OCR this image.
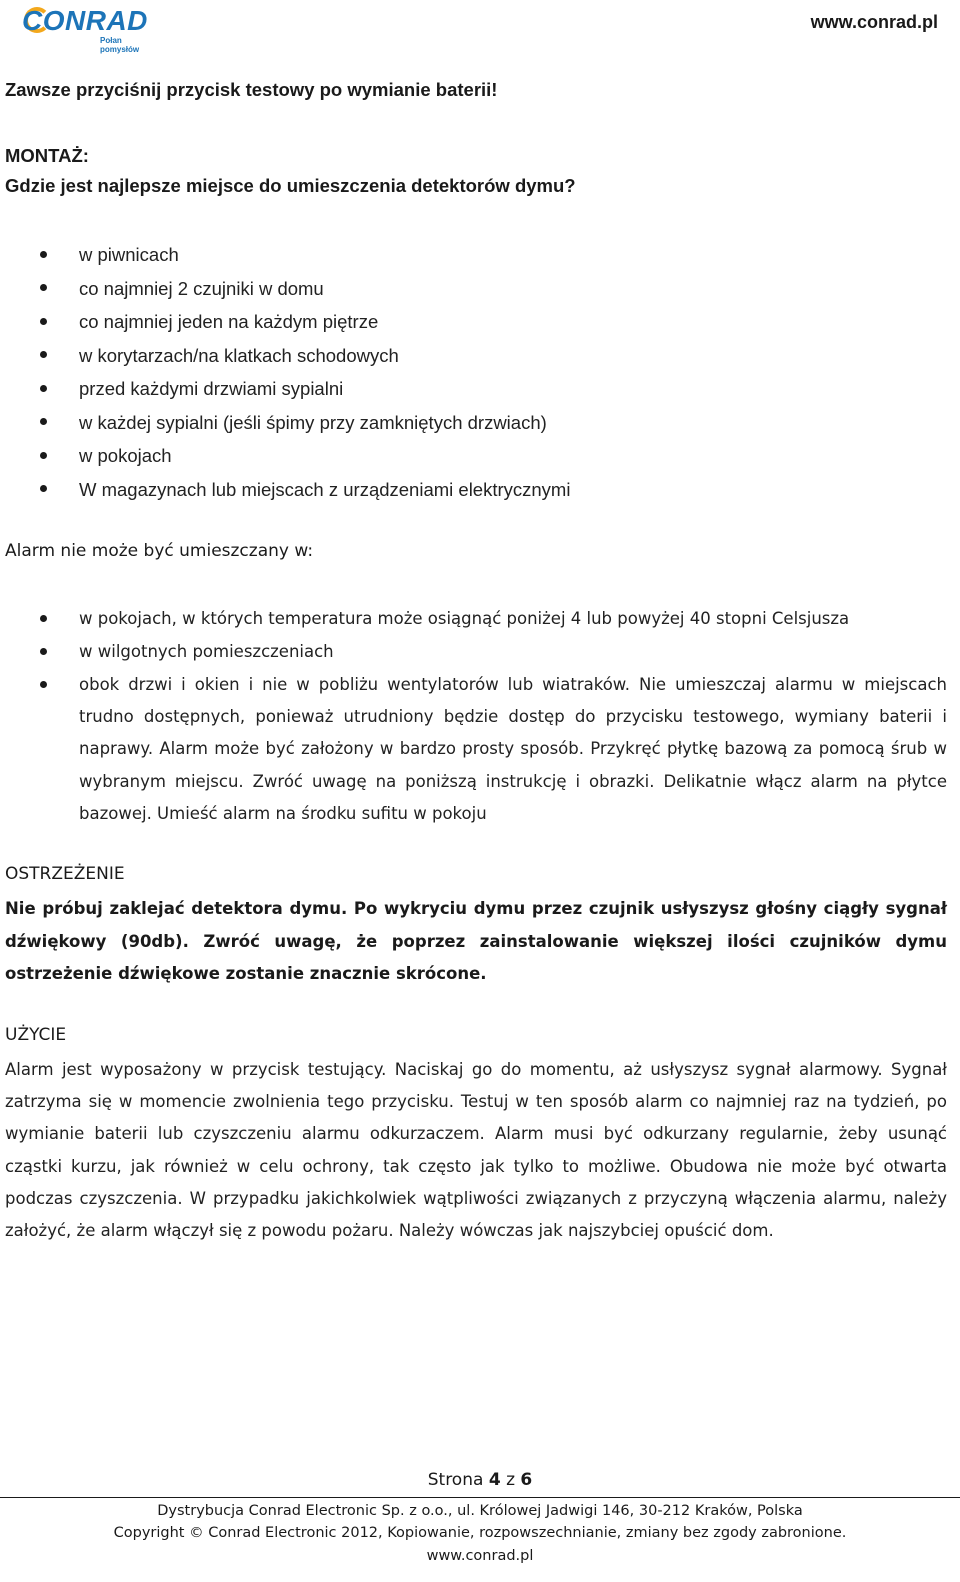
CONRAD
Połan pomysłów
www.conrad.pl
Zawsze przyciśnij przycisk testowy po wymianie baterii!
MONTAŻ:
Gdzie jest najlepsze miejsce do umieszczenia detektorów dymu?
w piwnicach
co najmniej 2 czujniki w domu
co najmniej jeden na każdym piętrze
w korytarzach/na klatkach schodowych
przed każdymi drzwiami sypialni
w każdej sypialni (jeśli śpimy przy zamkniętych drzwiach)
w pokojach
W magazynach lub miejscach z urządzeniami elektrycznymi
Alarm nie może być umieszczany w:
w pokojach, w których temperatura może osiągnąć poniżej 4 lub powyżej 40 stopni Celsjusza
w wilgotnych pomieszczeniach
obok drzwi i okien i nie w pobliżu wentylatorów lub wiatraków. Nie umieszczaj alarmu w miejscach trudno dostępnych, ponieważ utrudniony będzie dostęp do przycisku testowego, wymiany baterii i naprawy. Alarm może być założony w bardzo prosty sposób. Przykręć płytkę bazową za pomocą śrub w wybranym miejscu. Zwróć uwagę na poniższą instrukcję i obrazki. Delikatnie włącz alarm na płytce bazowej. Umieść alarm na środku sufitu w pokoju
OSTRZEŻENIE
Nie próbuj zaklejać detektora dymu. Po wykryciu dymu przez czujnik usłyszysz głośny ciągły sygnał dźwiękowy (90db). Zwróć uwagę, że poprzez zainstalowanie większej ilości czujników dymu ostrzeżenie dźwiękowe zostanie znacznie skrócone.
UŻYCIE
Alarm jest wyposażony w przycisk testujący. Naciskaj go do momentu, aż usłyszysz sygnał alarmowy. Sygnał zatrzyma się w momencie zwolnienia tego przycisku. Testuj w ten sposób alarm co najmniej raz na tydzień, po wymianie baterii lub czyszczeniu alarmu odkurzaczem. Alarm musi być odkurzany regularnie, żeby usunąć cząstki kurzu, jak również w celu ochrony, tak często jak tylko to możliwe. Obudowa nie może być otwarta podczas czyszczenia. W przypadku jakichkolwiek wątpliwości związanych z przyczyną włączenia alarmu, należy założyć, że alarm włączył się z powodu pożaru. Należy wówczas jak najszybciej opuścić dom.
Strona 4 z 6
Dystrybucja Conrad Electronic Sp. z o.o., ul. Królowej Jadwigi 146, 30-212 Kraków, Polska
Copyright © Conrad Electronic 2012, Kopiowanie, rozpowszechnianie, zmiany bez zgody zabronione.
www.conrad.pl
